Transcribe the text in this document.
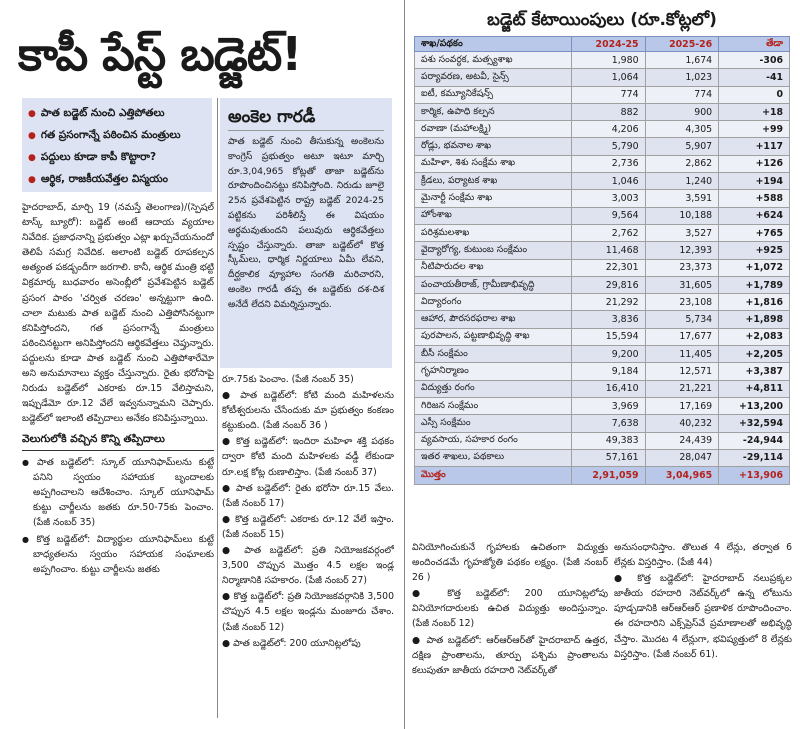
కాపీ పేస్ట్ బడ్జెట్!
● పాత బడ్జెట్ నుంచి ఎత్తిపోతలు
● గత ప్రసంగాన్నే పఠించిన మంత్రులు
● పద్దులు కూడా కాపీ కొట్టారా?
● ఆర్థిక, రాజకీయవేత్తల విస్మయం

హైదరాబాద్, మార్చి 19 (నమస్తే తెలంగాణ)/(స్పెషల్ టాస్క్ బ్యూరో): బడ్జెట్ అంటే ఆదాయ వ్యయాల నివేదిక. ప్రజాధనాన్ని ప్రభుత్వం ఎట్లా ఖర్చుచేయనుందో తెలిపే సమగ్ర నివేదిక. అలాంటి బడ్జెట్ రూపకల్పన అత్యంత పకడ్బందీగా జరగాలి. కానీ, ఆర్థిక మంత్రి భట్టి విక్రమార్క బుధవారం అసెంబ్లీలో ప్రవేశపెట్టిన బడ్జెట్ ప్రసంగ పాఠం 'చర్విత చరణం' అన్నట్టుగా ఉంది. చాలా మటుకు పాత బడ్జెట్ నుంచి ఎత్తిపోసినట్టుగా కనిపిస్తోందని, గత ప్రసంగాన్నే మంత్రులు పఠించినట్టుగా అనిపిస్తోందని ఆర్థికవేత్తలు చెప్తున్నారు. పద్దులను కూడా పాత బడ్జెట్ నుంచి ఎత్తిపోశారేమో అని అనుమానాలు వ్యక్తం చేస్తున్నారు. రైతు భరోసాపై నిరుడు బడ్జెట్‌లో ఎకరాకు రూ.15 వేలిస్తామని, ఇప్పుడేమో రూ.12 వేలే ఇవ్వనున్నామని చెప్పారు. బడ్జెట్‌లో ఇలాంటి తప్పిదాలు అనేకం కనిపిస్తున్నాయి.

వెలుగులోకి వచ్చిన కొన్ని తప్పిదాలు

● పాత బడ్జెట్‌లో: స్కూల్ యూనిఫామ్‌లను కుట్టే పనిని స్వయం సహాయక బృందాలకు అప్పగించాలని ఆదేశించాం. స్కూల్ యూనిఫామ్ కుట్టు చార్జీలను జతకు రూ.50-75కు పెంచాం. (పేజీ నంబర్ 35)

● కొత్త బడ్జెట్‌లో: విద్యార్థుల యూనిఫామ్‌లు కుట్టే బాధ్యతలను స్వయం సహాయక సంఘాలకు అప్పగించాం. కుట్టు చార్జీలను జతకు

అంకెల గారడీ

పాత బడ్జెట్ నుంచి తీసుకున్న అంకెలను కాంగ్రెస్ ప్రభుత్వం అటూ ఇటూ మార్చి రూ.3,04,965 కోట్లతో తాజా బడ్జెట్‌ను రూపొందించినట్టు కనిపిస్తోంది. నిరుడు జూలై 25న ప్రవేశపెట్టిన రాష్ట్ర బడ్జెట్ 2024-25 పట్టికను పరిశీలిస్తే ఈ విషయం అర్థమవుతుందని పలువురు ఆర్థికవేత్తలు స్పష్టం చేస్తున్నారు. తాజా బడ్జెట్‌లో కొత్త స్కీమ్‌లు, ధార్మిక నిర్ణయాలు ఏమీ లేవని, దీర్ఘకాలిక వ్యూహాల సంగతి మరిచారని, అంకెల గారడీ తప్ప ఈ బడ్జెట్‌కు దశ-దిశ అనేదే లేదని విమర్శిస్తున్నారు.

రూ.75కు పెంచాం. (పేజీ నంబర్ 35)

● పాత బడ్జెట్‌లో: కోటి మంది మహిళలను కోటీశ్వరులను చేసేందుకు మా ప్రభుత్వం కంకణం కట్టుకుంది. (పేజీ నంబర్ 36 )

● కొత్త బడ్జెట్‌లో: ఇందిరా మహిళా శక్తి పథకం ద్వారా కోటి మంది మహిళలకు వడ్డీ లేకుండా రూ.లక్ష కోట్ల రుణాలిస్తాం. (పేజీ నంబర్ 37)

● పాత బడ్జెట్‌లో: రైతు భరోసా రూ.15 వేలు. (పేజీ నంబర్ 17)

● కొత్త బడ్జెట్‌లో: ఎకరాకు రూ.12 వేలే ఇస్తాం. (పేజీ నంబర్ 15)

● పాత బడ్జెట్‌లో: ప్రతి నియోజకవర్గంలో 3,500 చొప్పున మొత్తం 4.5 లక్షల ఇండ్ల నిర్మాణానికి సహకారం. (పేజీ నంబర్ 27)

● కొత్త బడ్జెట్‌లో: ప్రతి నియోజకవర్గానికి 3,500 చొప్పున 4.5 లక్షల ఇండ్లను మంజూరు చేశాం. (పేజీ నంబర్ 12)

● పాత బడ్జెట్‌లో: 200 యూనిట్లలోపు

బడ్జెట్ కేటాయింపులు (రూ.కోట్లలో)
శాఖ/పథకం	2024-25	2025-26	తేడా
పశు సంవర్ధక, మత్స్యశాఖ	1,980	1,674	-306
పర్యావరణ, అటవీ, సైన్స్	1,064	1,023	-41
ఐటీ, కమ్యూనికేషన్స్	774	774	0
కార్మిక, ఉపాధి కల్పన	882	900	+18
రవాణా (మహాలక్ష్మి)	4,206	4,305	+99
రోడ్లు, భవనాల శాఖ	5,790	5,907	+117
మహిళా, శిశు సంక్షేమ శాఖ	2,736	2,862	+126
క్రీడలు, పర్యాటక శాఖ	1,046	1,240	+194
మైనార్టీ సంక్షేమ శాఖ	3,003	3,591	+588
హోంశాఖ	9,564	10,188	+624
పరిశ్రమలశాఖ	2,762	3,527	+765
వైద్యారోగ్య, కుటుంబ సంక్షేమం	11,468	12,393	+925
నీటిపారుదల శాఖ	22,301	23,373	+1,072
పంచాయతీరాజ్, గ్రామీణాభివృద్ధి	29,816	31,605	+1,789
విద్యారంగం	21,292	23,108	+1,816
ఆహార, పౌరసరఫరాల శాఖ	3,836	5,734	+1,898
పురపాలన, పట్టణాభివృద్ధి శాఖ	15,594	17,677	+2,083
బీసీ సంక్షేమం	9,200	11,405	+2,205
గృహనిర్మాణం	9,184	12,571	+3,387
విద్యుత్తు రంగం	16,410	21,221	+4,811
గిరిజన సంక్షేమం	3,969	17,169	+13,200
ఎస్సీ సంక్షేమం	7,638	40,232	+32,594
వ్యవసాయ, సహకార రంగం	49,383	24,439	-24,944
ఇతర శాఖలు, పథకాలు	57,161	28,047	-29,114
మొత్తం	2,91,059	3,04,965	+13,906

వినియోగించుకునే గృహాలకు ఉచితంగా విద్యుత్తు అందించడమే గృహజ్యోతి పథకం లక్ష్యం. (పేజీ నంబర్ 26 )

● కొత్త బడ్జెట్‌లో: 200 యూనిట్లలోపు వినియోగదారులకు ఉచిత విద్యుత్తు అందిస్తున్నాం. (పేజీ నంబర్ 12)

● పాత బడ్జెట్‌లో: ఆర్ఆర్ఆర్‌తో హైదరాబాద్ ఉత్తర, దక్షిణ ప్రాంతాలను, తూర్పు పశ్చిమ ప్రాంతాలను కలుపుతూ జాతీయ రహదారి నెట్‌వర్క్‌తో

అనుసంధానిస్తాం. తొలుత 4 లేన్లు, తర్వాత 6 లేన్లకు విస్తరిస్తాం. (పేజీ 44)

● కొత్త బడ్జెట్‌లో: హైదరాబాద్ నలుప్రక్కల జాతీయ రహదారి నెట్‌వర్క్‌లో ఉన్న లోటును పూడ్చడానికి ఆర్ఆర్ఆర్ ప్రణాళిక రూపొందించాం. ఈ రహదారిని ఎక్స్‌ప్రెస్‌వే ప్రమాణాలతో అభివృద్ధి చేస్తాం. మొదట 4 లేన్లుగా, భవిష్యత్తులో 8 లేన్లకు విస్తరిస్తాం. (పేజీ నంబర్ 61).
